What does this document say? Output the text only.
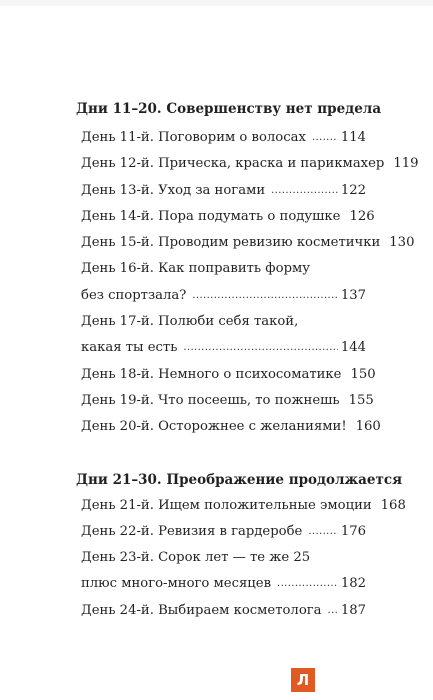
Дни 11–20. Совершенству нет предела
День 11-й. Поговорим о волосах . . .	114
День 12-й. Прическа, краска и парикмахер 119
День 13-й. Уход за ногами . . .	122
День 14-й. Пора подумать о подушке 126
День 15-й. Проводим ревизию косметички 130
День 16-й. Как поправить форму
без спортзала? . . .	137
День 17-й. Полюби себя такой,
какая ты есть . . .	144
День 18-й. Немного о психосоматике 150
День 19-й. Что посеешь, то пожнешь 155
День 20-й. Осторожнее с желаниями! 160
Дни 21–30. Преображение продолжается
День 21-й. Ищем положительные эмоции 168
День 22-й. Ревизия в гардеробе . . .	176
День 23-й. Сорок лет — те же 25
плюс много-много месяцев . . .	182
День 24-й. Выбираем косметолога . . . 187
Л
